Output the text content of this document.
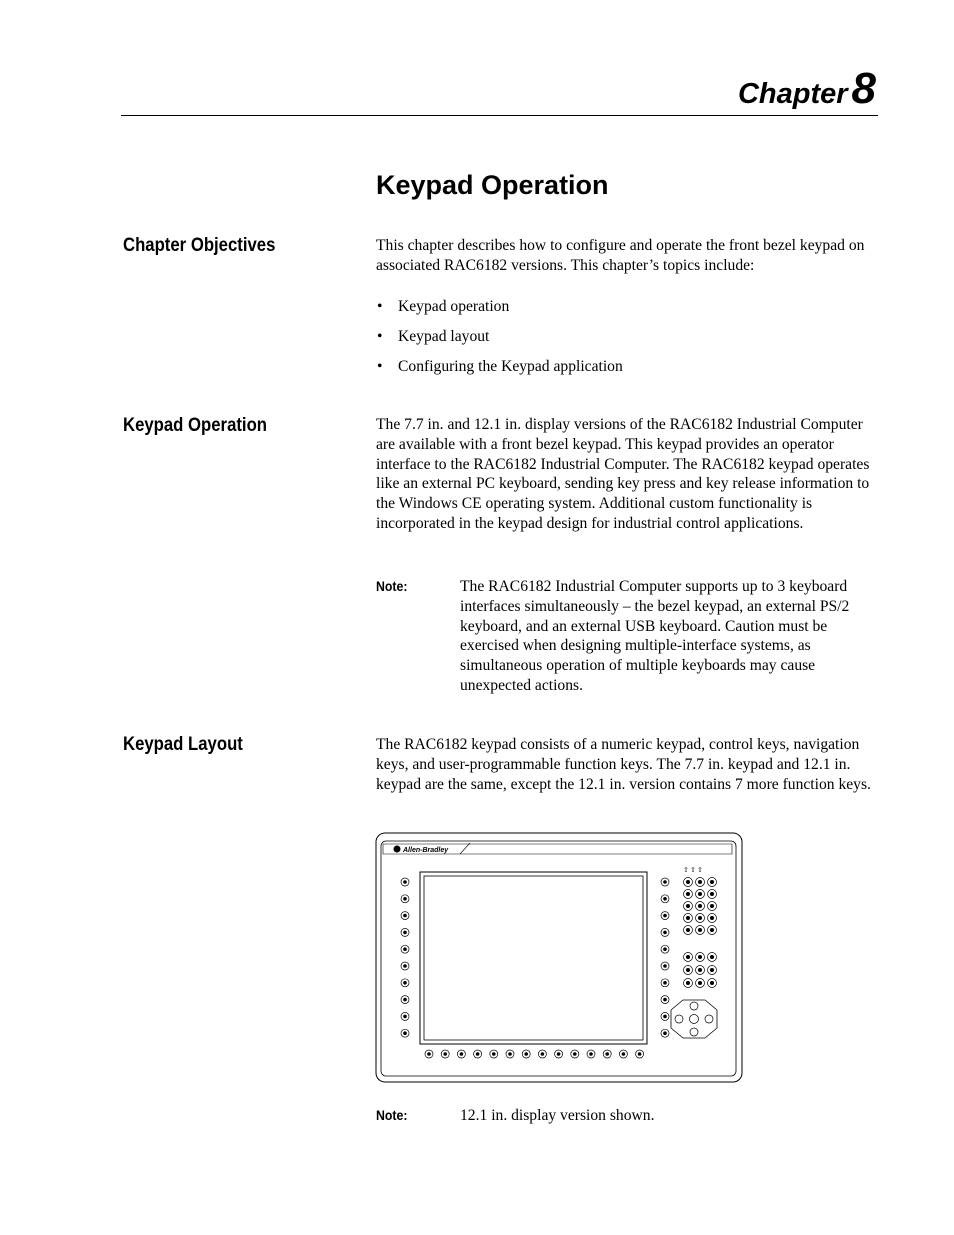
Chapter8
Keypad Operation
Chapter Objectives	This chapter describes how to configure and operate the front bezel keypad on associated RAC6182 versions. This chapter’s topics include:

• Keypad operation
• Keypad layout
• Configuring the Keypad application
Keypad Operation	The 7.7 in. and 12.1 in. display versions of the RAC6182 Industrial Computer are available with a front bezel keypad. This keypad provides an operator interface to the RAC6182 Industrial Computer. The RAC6182 keypad operates like an external PC keyboard, sending key press and key release information to the Windows CE operating system. Additional custom functionality is incorporated in the keypad design for industrial control applications.

Note:	The RAC6182 Industrial Computer supports up to 3 keyboard interfaces simultaneously – the bezel keypad, an external PS/2 keyboard, and an external USB keyboard. Caution must be exercised when designing multiple-interface systems, as simultaneous operation of multiple keyboards may cause unexpected actions.

Keypad Layout	The RAC6182 keypad consists of a numeric keypad, control keys, navigation keys, and user-programmable function keys. The 7.7 in. keypad and 12.1 in. keypad are the same, except the 12.1 in. version contains 7 more function keys.

Allen-Bradley
⇧ ⇧ ⇧

Note:	12.1 in. display version shown.
